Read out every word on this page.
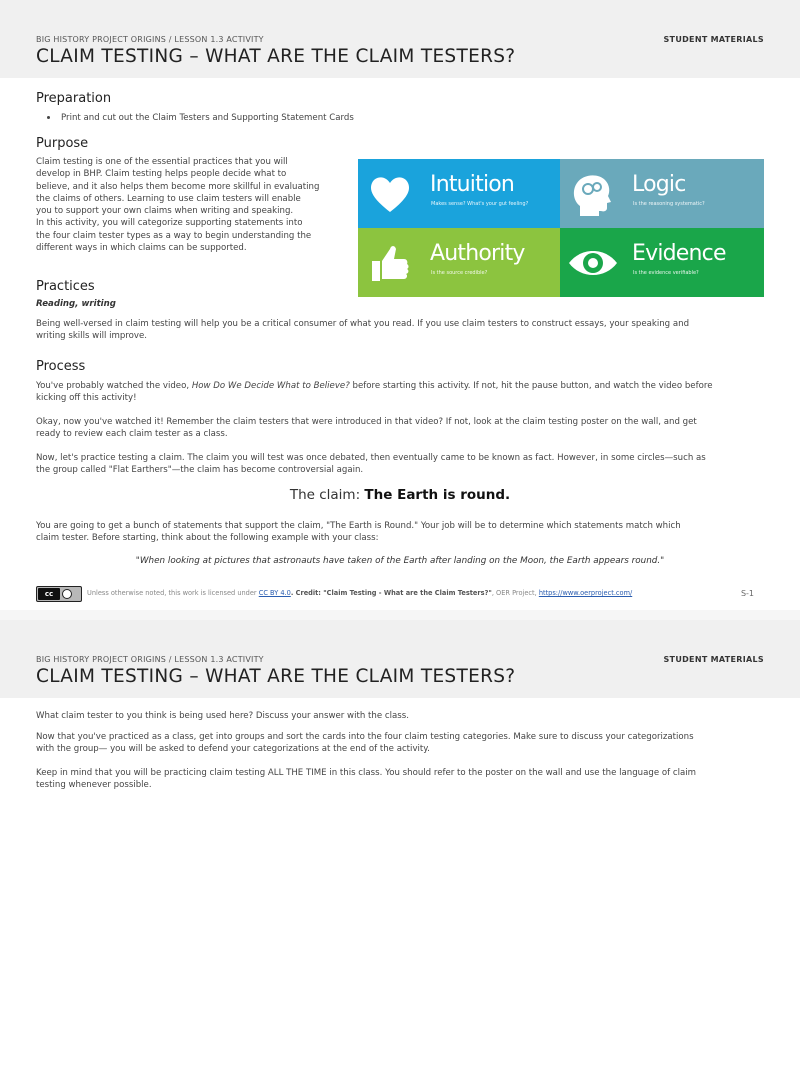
BIG HISTORY PROJECT ORIGINS / LESSON 1.3 ACTIVITY
CLAIM TESTING – WHAT ARE THE CLAIM TESTERS?
STUDENT MATERIALS
Preparation
Print and cut out the Claim Testers and Supporting Statement Cards
Purpose
Claim testing is one of the essential practices that you will
develop in BHP. Claim testing helps people decide what to
believe, and it also helps them become more skillful in evaluating
the claims of others. Learning to use claim testers will enable
you to support your own claims when writing and speaking.
In this activity, you will categorize supporting statements into
the four claim tester types as a way to begin understanding the
different ways in which claims can be supported.
Intuition
Makes sense? What's your gut feeling?
Logic
Is the reasoning systematic?
Authority
Is the source credible?
Evidence
Is the evidence verifiable?
Practices
Reading, writing
Being well-versed in claim testing will help you be a critical consumer of what you read. If you use claim testers to construct essays, your speaking and
writing skills will improve.
Process
You've probably watched the video, How Do We Decide What to Believe? before starting this activity. If not, hit the pause button, and watch the video before
kicking off this activity!
Okay, now you've watched it! Remember the claim testers that were introduced in that video? If not, look at the claim testing poster on the wall, and get
ready to review each claim tester as a class.
Now, let's practice testing a claim. The claim you will test was once debated, then eventually came to be known as fact. However, in some circles—such as
the group called "Flat Earthers"—the claim has become controversial again.
The claim: The Earth is round.
You are going to get a bunch of statements that support the claim, "The Earth is Round." Your job will be to determine which statements match which
claim tester. Before starting, think about the following example with your class:
"When looking at pictures that astronauts have taken of the Earth after landing on the Moon, the Earth appears round."
cc	Unless otherwise noted, this work is licensed under CC BY 4.0. Credit: "Claim Testing - What are the Claim Testers?", OER Project, https://www.oerproject.com/	S-1
BIG HISTORY PROJECT ORIGINS / LESSON 1.3 ACTIVITY
CLAIM TESTING – WHAT ARE THE CLAIM TESTERS?
STUDENT MATERIALS
What claim tester to you think is being used here? Discuss your answer with the class.
Now that you've practiced as a class, get into groups and sort the cards into the four claim testing categories. Make sure to discuss your categorizations
with the group— you will be asked to defend your categorizations at the end of the activity.
Keep in mind that you will be practicing claim testing ALL THE TIME in this class. You should refer to the poster on the wall and use the language of claim
testing whenever possible.
